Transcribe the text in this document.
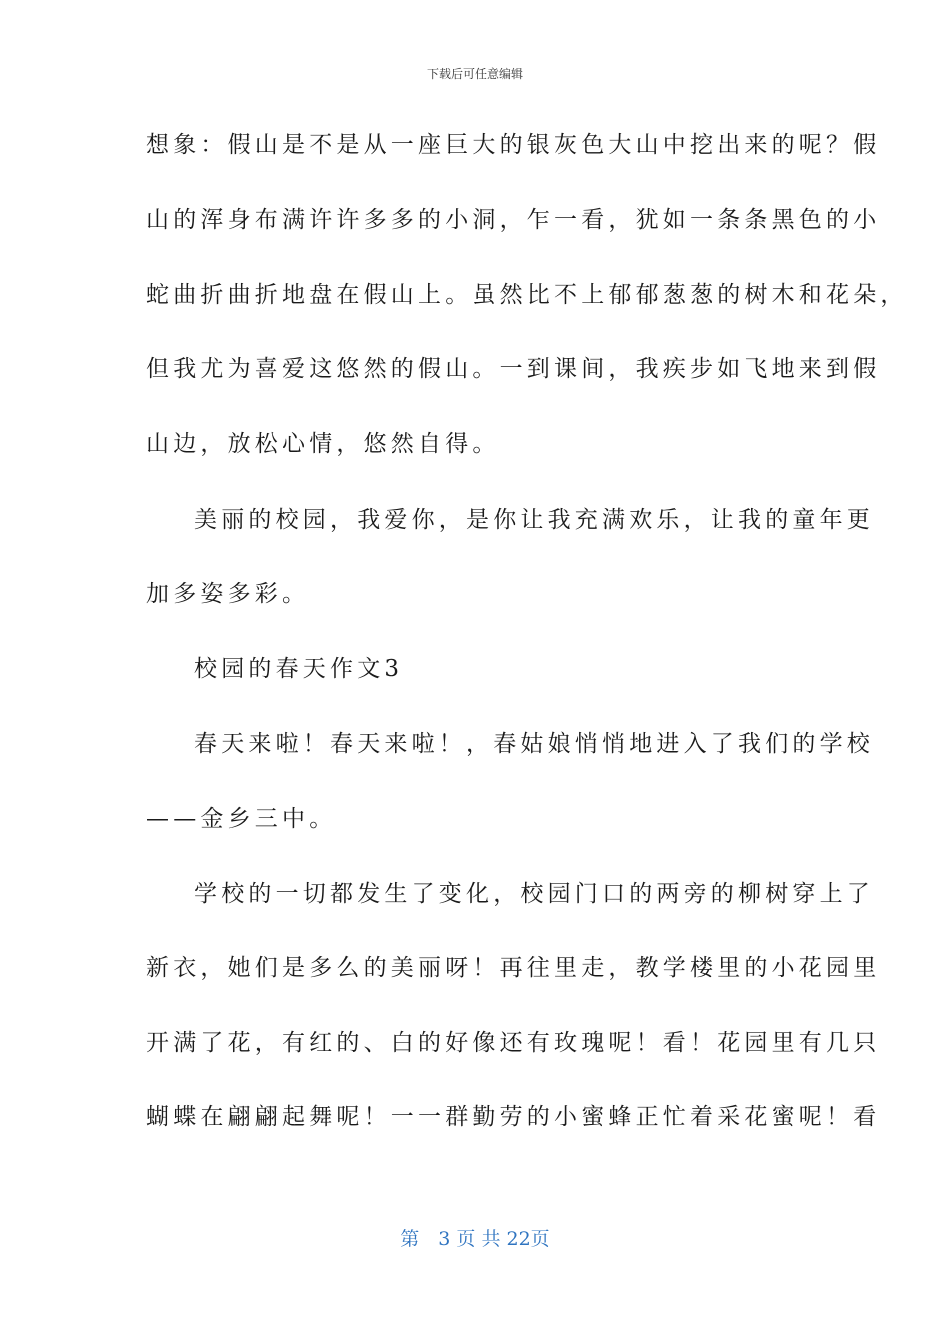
下载后可任意编辑
想象：假山是不是从一座巨大的银灰色大山中挖出来的呢？假
山的浑身布满许许多多的小洞，乍一看，犹如一条条黑色的小
蛇曲折曲折地盘在假山上。虽然比不上郁郁葱葱的树木和花朵，
但我尤为喜爱这悠然的假山。一到课间，我疾步如飞地来到假
山边，放松心情，悠然自得。
美丽的校园，我爱你，是你让我充满欢乐，让我的童年更
加多姿多彩。
校园的春天作文3
春天来啦！春天来啦！，春姑娘悄悄地进入了我们的学校
——金乡三中。
学校的一切都发生了变化，校园门口的两旁的柳树穿上了
新衣，她们是多么的美丽呀！再往里走，教学楼里的小花园里
开满了花，有红的、白的好像还有玫瑰呢！看！花园里有几只
蝴蝶在翩翩起舞呢！一一群勤劳的小蜜蜂正忙着采花蜜呢！看
第　3 页 共 22页
